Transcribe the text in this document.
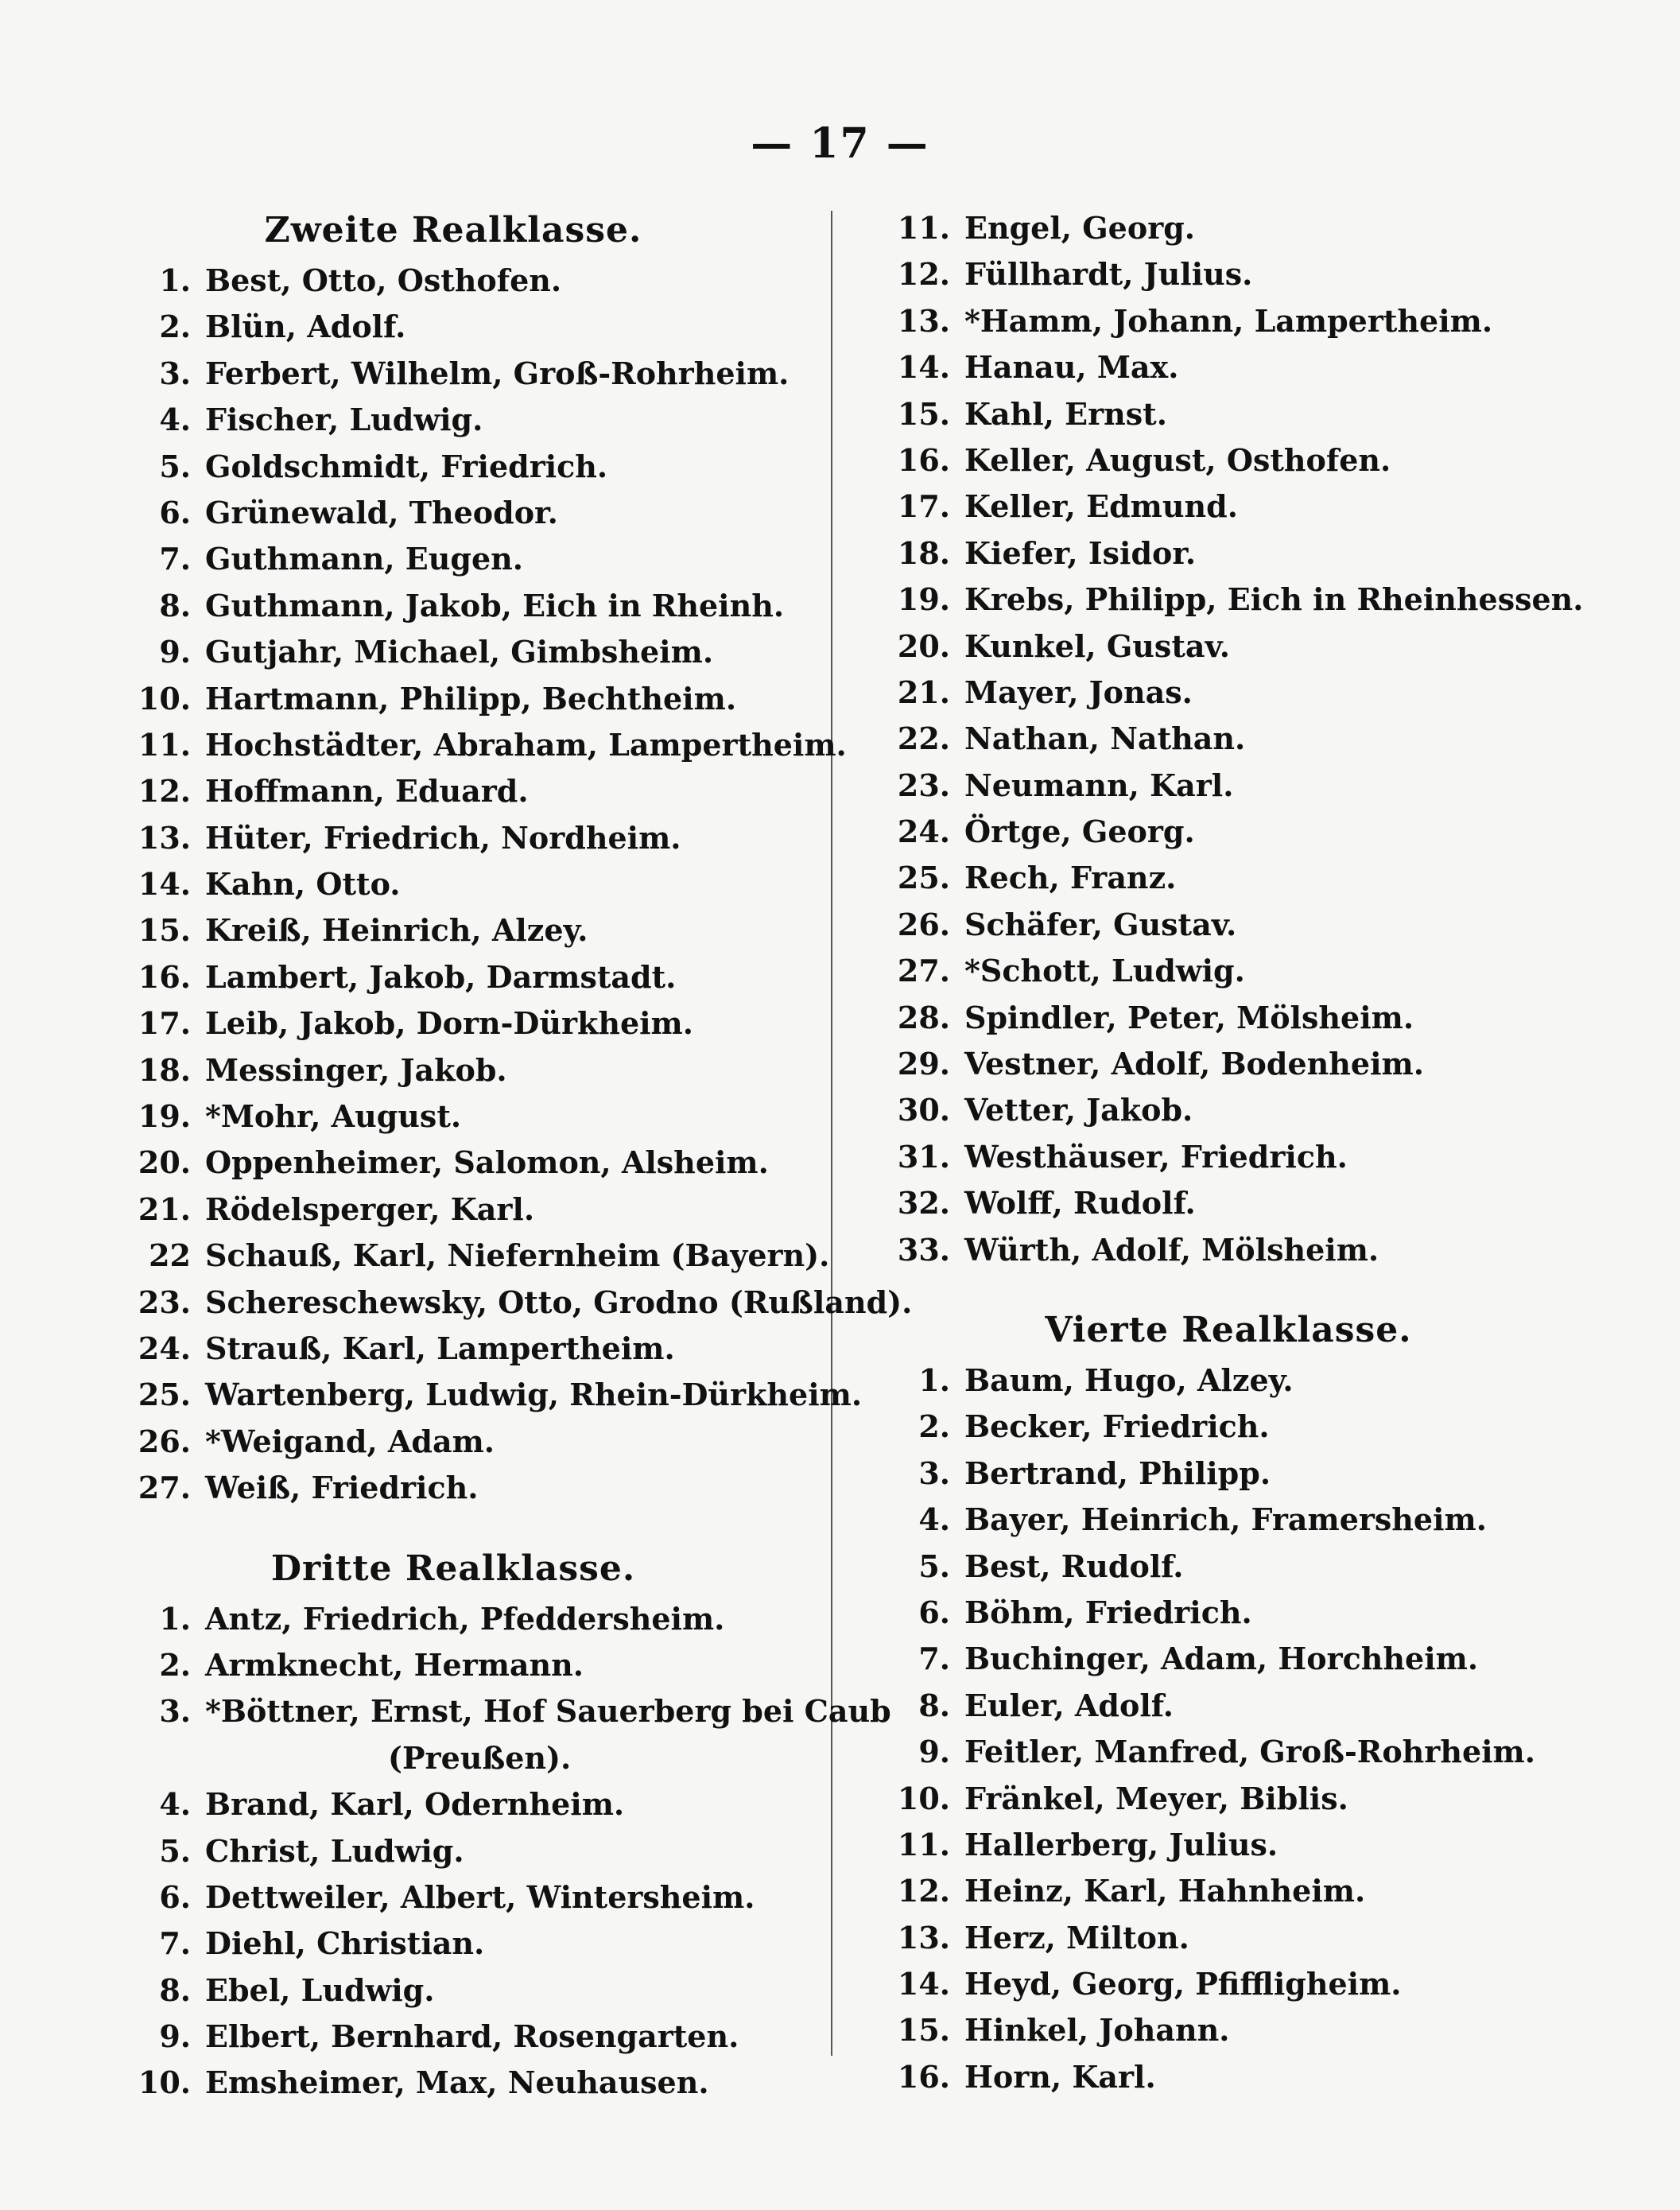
— 17 —
Zweite Realklasse.
1. Best, Otto, Osthofen.
2. Blün, Adolf.
3. Ferbert, Wilhelm, Groß-Rohrheim.
4. Fischer, Ludwig.
5. Goldschmidt, Friedrich.
6. Grünewald, Theodor.
7. Guthmann, Eugen.
8. Guthmann, Jakob, Eich in Rheinh.
9. Gutjahr, Michael, Gimbsheim.
10. Hartmann, Philipp, Bechtheim.
11. Hochstädter, Abraham, Lampertheim.
12. Hoffmann, Eduard.
13. Hüter, Friedrich, Nordheim.
14. Kahn, Otto.
15. Kreiß, Heinrich, Alzey.
16. Lambert, Jakob, Darmstadt.
17. Leib, Jakob, Dorn-Dürkheim.
18. Messinger, Jakob.
19. *Mohr, August.
20. Oppenheimer, Salomon, Alsheim.
21. Rödelsperger, Karl.
22 Schauß, Karl, Niefernheim (Bayern).
23. Schereschewsky, Otto, Grodno (Rußland).
24. Strauß, Karl, Lampertheim.
25. Wartenberg, Ludwig, Rhein-Dürkheim.
26. *Weigand, Adam.
27. Weiß, Friedrich.
Dritte Realklasse.
1. Antz, Friedrich, Pfeddersheim.
2. Armknecht, Hermann.
3. *Böttner, Ernst, Hof Sauerberg bei Caub
(Preußen).
4. Brand, Karl, Odernheim.
5. Christ, Ludwig.
6. Dettweiler, Albert, Wintersheim.
7. Diehl, Christian.
8. Ebel, Ludwig.
9. Elbert, Bernhard, Rosengarten.
10. Emsheimer, Max, Neuhausen.
11. Engel, Georg.
12. Füllhardt, Julius.
13. *Hamm, Johann, Lampertheim.
14. Hanau, Max.
15. Kahl, Ernst.
16. Keller, August, Osthofen.
17. Keller, Edmund.
18. Kiefer, Isidor.
19. Krebs, Philipp, Eich in Rheinhessen.
20. Kunkel, Gustav.
21. Mayer, Jonas.
22. Nathan, Nathan.
23. Neumann, Karl.
24. Örtge, Georg.
25. Rech, Franz.
26. Schäfer, Gustav.
27. *Schott, Ludwig.
28. Spindler, Peter, Mölsheim.
29. Vestner, Adolf, Bodenheim.
30. Vetter, Jakob.
31. Westhäuser, Friedrich.
32. Wolff, Rudolf.
33. Würth, Adolf, Mölsheim.
Vierte Realklasse.
1. Baum, Hugo, Alzey.
2. Becker, Friedrich.
3. Bertrand, Philipp.
4. Bayer, Heinrich, Framersheim.
5. Best, Rudolf.
6. Böhm, Friedrich.
7. Buchinger, Adam, Horchheim.
8. Euler, Adolf.
9. Feitler, Manfred, Groß-Rohrheim.
10. Fränkel, Meyer, Biblis.
11. Hallerberg, Julius.
12. Heinz, Karl, Hahnheim.
13. Herz, Milton.
14. Heyd, Georg, Pfiffligheim.
15. Hinkel, Johann.
16. Horn, Karl.
